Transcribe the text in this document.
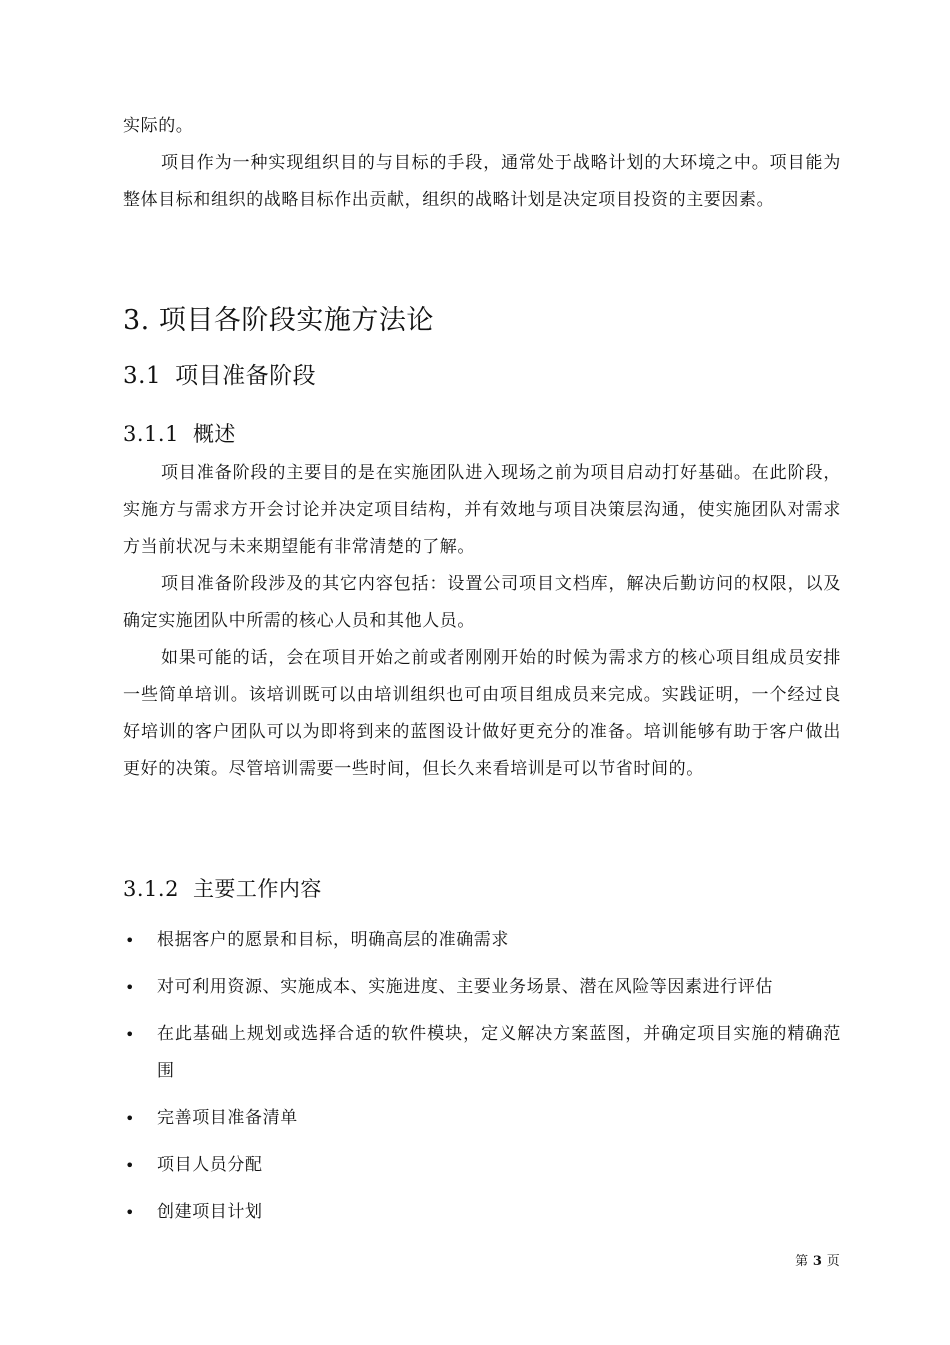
实际的。

项目作为一种实现组织目的与目标的手段，通常处于战略计划的大环境之中。项目能为整体目标和组织的战略目标作出贡献，组织的战略计划是决定项目投资的主要因素。

3. 项目各阶段实施方法论
3.1 项目准备阶段
3.1.1 概述

项目准备阶段的主要目的是在实施团队进入现场之前为项目启动打好基础。在此阶段，实施方与需求方开会讨论并决定项目结构，并有效地与项目决策层沟通，使实施团队对需求方当前状况与未来期望能有非常清楚的了解。

项目准备阶段涉及的其它内容包括：设置公司项目文档库，解决后勤访问的权限，以及确定实施团队中所需的核心人员和其他人员。

如果可能的话，会在项目开始之前或者刚刚开始的时候为需求方的核心项目组成员安排一些简单培训。该培训既可以由培训组织也可由项目组成员来完成。实践证明，一个经过良好培训的客户团队可以为即将到来的蓝图设计做好更充分的准备。培训能够有助于客户做出更好的决策。尽管培训需要一些时间，但长久来看培训是可以节省时间的。

3.1.2 主要工作内容
• 根据客户的愿景和目标，明确高层的准确需求
• 对可利用资源、实施成本、实施进度、主要业务场景、潜在风险等因素进行评估
• 在此基础上规划或选择合适的软件模块，定义解决方案蓝图，并确定项目实施的精确范围
• 完善项目准备清单
• 项目人员分配
• 创建项目计划
第 3 页
